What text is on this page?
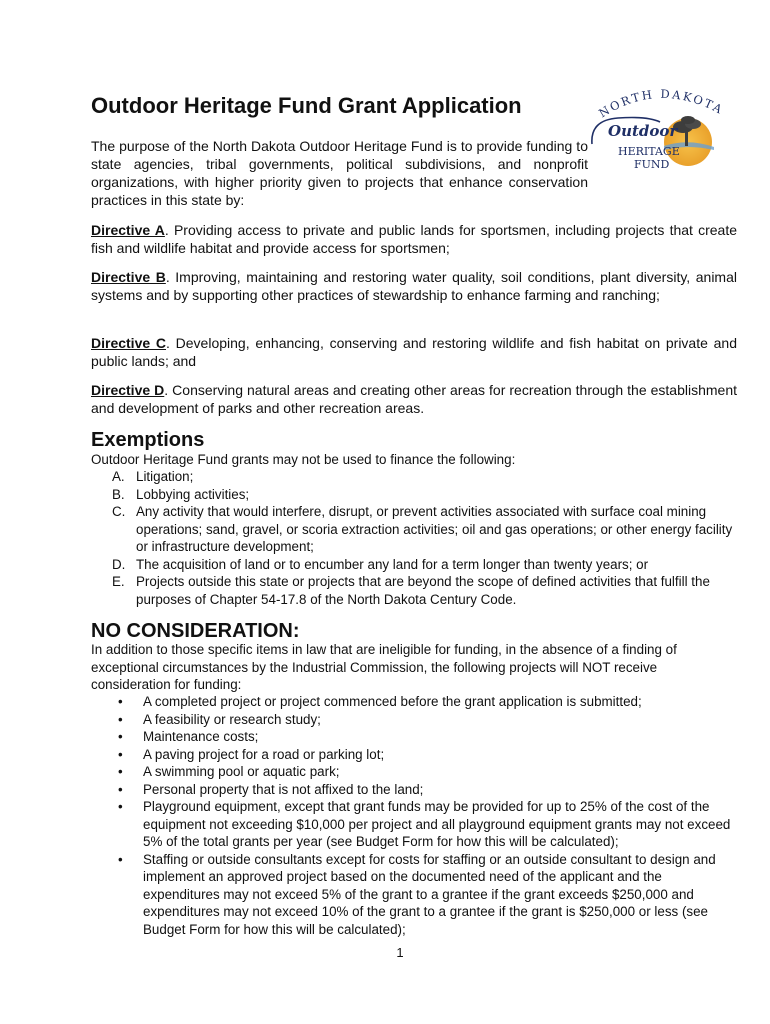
Outdoor Heritage Fund Grant Application

The purpose of the North Dakota Outdoor Heritage Fund is to provide funding to state agencies, tribal governments, political subdivisions, and nonprofit organizations, with higher priority given to projects that enhance conservation practices in this state by:

NORTH DAKOTA
Outdoor
HERITAGE
FUND

Directive A. Providing access to private and public lands for sportsmen, including projects that create fish and wildlife habitat and provide access for sportsmen;

Directive B. Improving, maintaining and restoring water quality, soil conditions, plant diversity, animal systems and by supporting other practices of stewardship to enhance farming and ranching;

Directive C. Developing, enhancing, conserving and restoring wildlife and fish habitat on private and public lands; and

Directive D. Conserving natural areas and creating other areas for recreation through the establishment and development of parks and other recreation areas.

Exemptions

Outdoor Heritage Fund grants may not be used to finance the following:

A. Litigation;
B. Lobbying activities;
C. Any activity that would interfere, disrupt, or prevent activities associated with surface coal mining operations; sand, gravel, or scoria extraction activities; oil and gas operations; or other energy facility or infrastructure development;
D. The acquisition of land or to encumber any land for a term longer than twenty years; or
E. Projects outside this state or projects that are beyond the scope of defined activities that fulfill the purposes of Chapter 54-17.8 of the North Dakota Century Code.
NO CONSIDERATION:

In addition to those specific items in law that are ineligible for funding, in the absence of a finding of exceptional circumstances by the Industrial Commission, the following projects will NOT receive consideration for funding:

• A completed project or project commenced before the grant application is submitted;
• A feasibility or research study;
• Maintenance costs;
• A paving project for a road or parking lot;
• A swimming pool or aquatic park;
• Personal property that is not affixed to the land;
• Playground equipment, except that grant funds may be provided for up to 25% of the cost of the equipment not exceeding $10,000 per project and all playground equipment grants may not exceed 5% of the total grants per year (see Budget Form for how this will be calculated);
• Staffing or outside consultants except for costs for staffing or an outside consultant to design and implement an approved project based on the documented need of the applicant and the expenditures may not exceed 5% of the grant to a grantee if the grant exceeds $250,000 and expenditures may not exceed 10% of the grant to a grantee if the grant is $250,000 or less (see Budget Form for how this will be calculated);
1
